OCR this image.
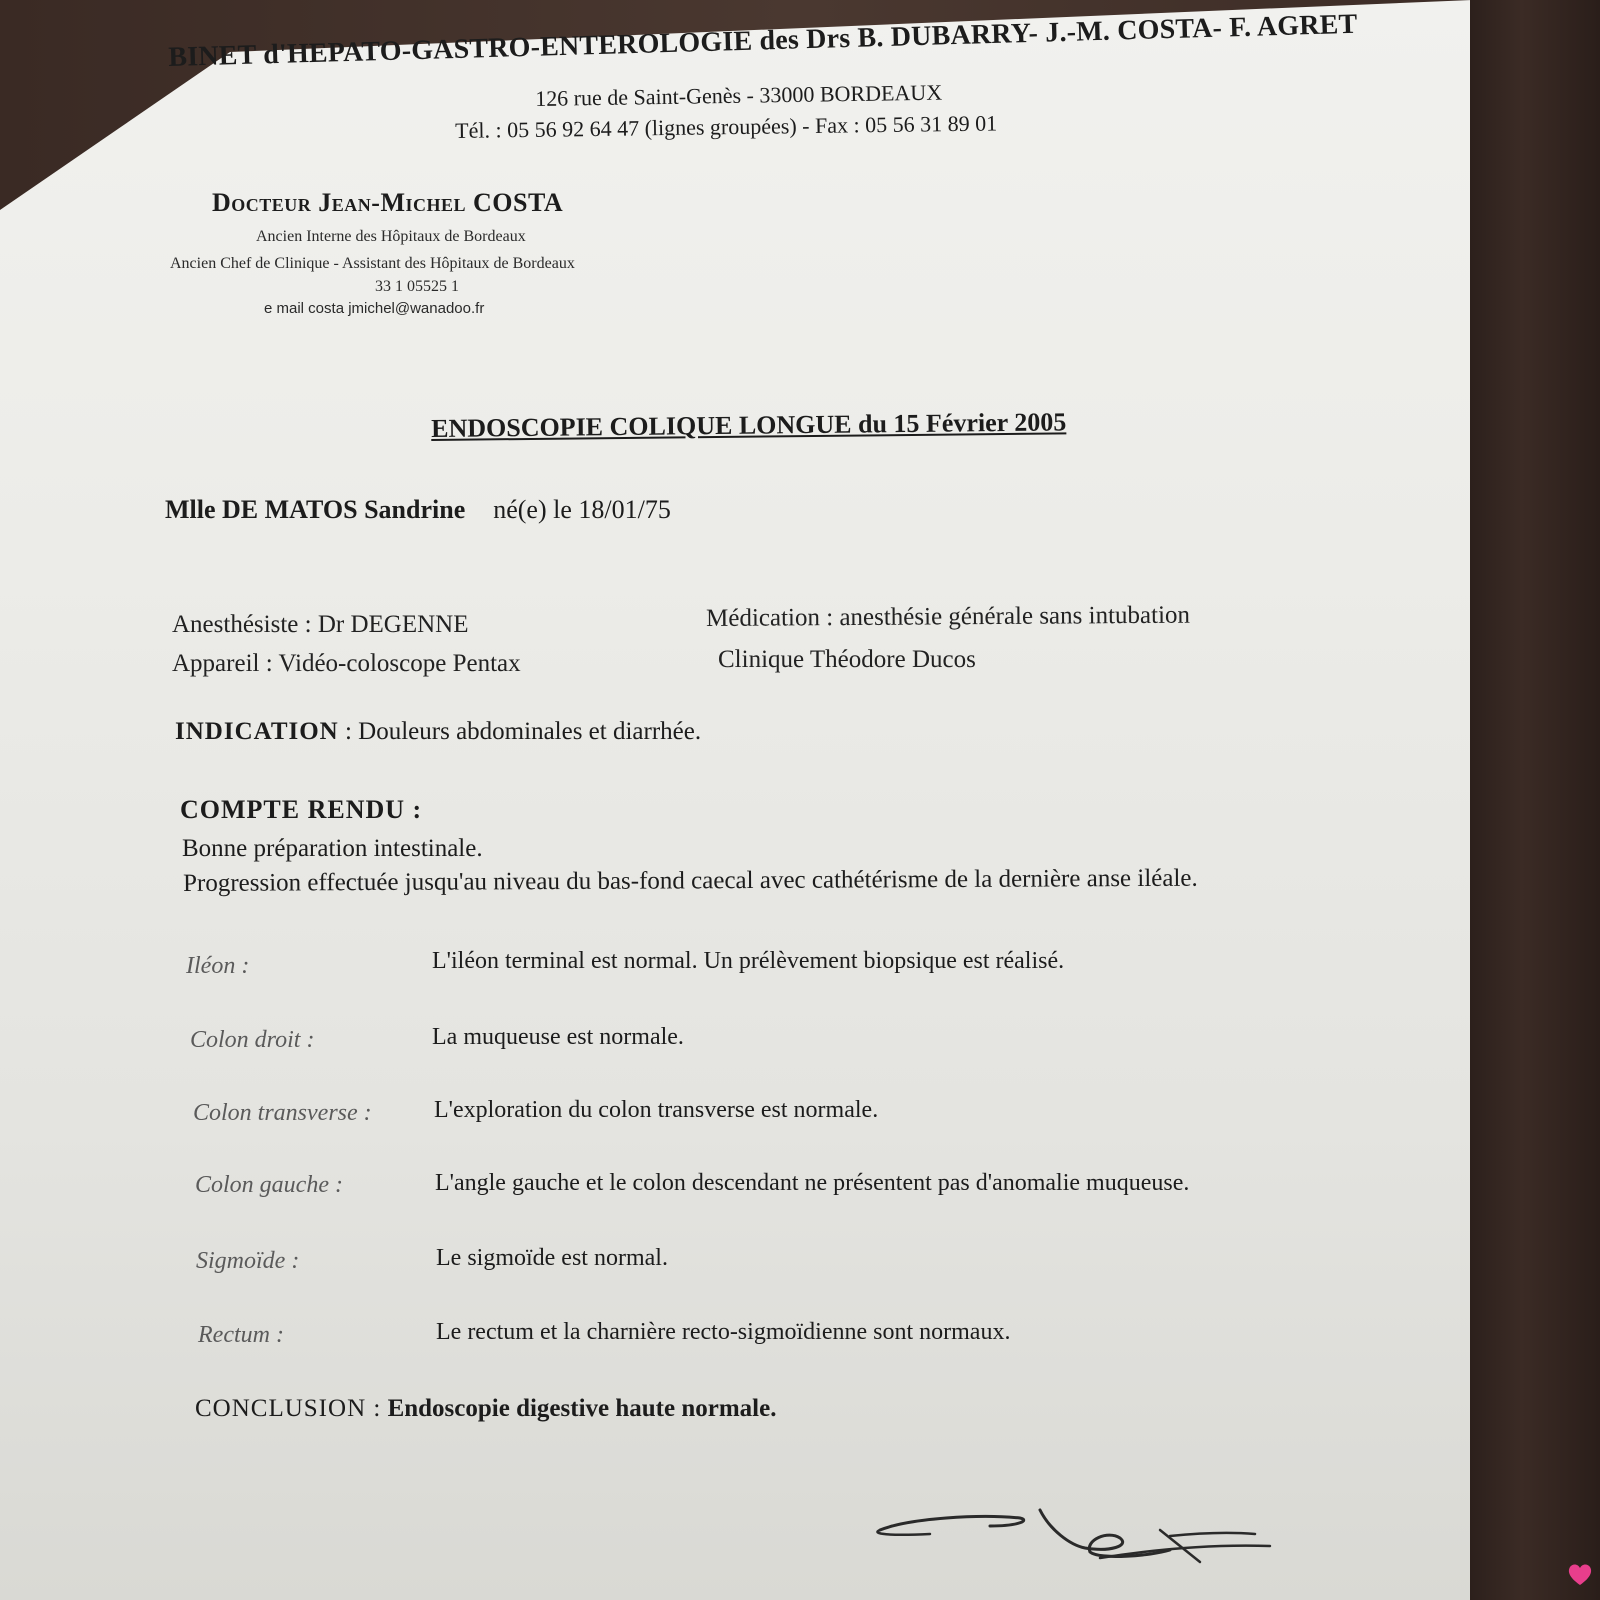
BINET d'HEPATO-GASTRO-ENTEROLOGIE des Drs B. DUBARRY- J.-M. COSTA- F. AGRET
126 rue de Saint-Genès - 33000 BORDEAUX
Tél. : 05 56 92 64 47 (lignes groupées) - Fax : 05 56 31 89 01
Docteur Jean-Michel COSTA
Ancien Interne des Hôpitaux de Bordeaux
Ancien Chef de Clinique - Assistant des Hôpitaux de Bordeaux
33 1 05525 1
e mail costa jmichel@wanadoo.fr
ENDOSCOPIE COLIQUE LONGUE du 15 Février 2005
Mlle DE MATOS Sandrine né(e) le 18/01/75
Anesthésiste : Dr DEGENNE
Appareil : Vidéo-coloscope Pentax
Médication : anesthésie générale sans intubation
Clinique Théodore Ducos
INDICATION : Douleurs abdominales et diarrhée.
COMPTE RENDU :
Bonne préparation intestinale.
Progression effectuée jusqu'au niveau du bas-fond caecal avec cathétérisme de la dernière anse iléale.
Iléon :	L'iléon terminal est normal. Un prélèvement biopsique est réalisé.
Colon droit :	La muqueuse est normale.
Colon transverse :	L'exploration du colon transverse est normale.
Colon gauche :	L'angle gauche et le colon descendant ne présentent pas d'anomalie muqueuse.
Sigmoïde :	Le sigmoïde est normal.
Rectum :	Le rectum et la charnière recto-sigmoïdienne sont normaux.
CONCLUSION : Endoscopie digestive haute normale.
